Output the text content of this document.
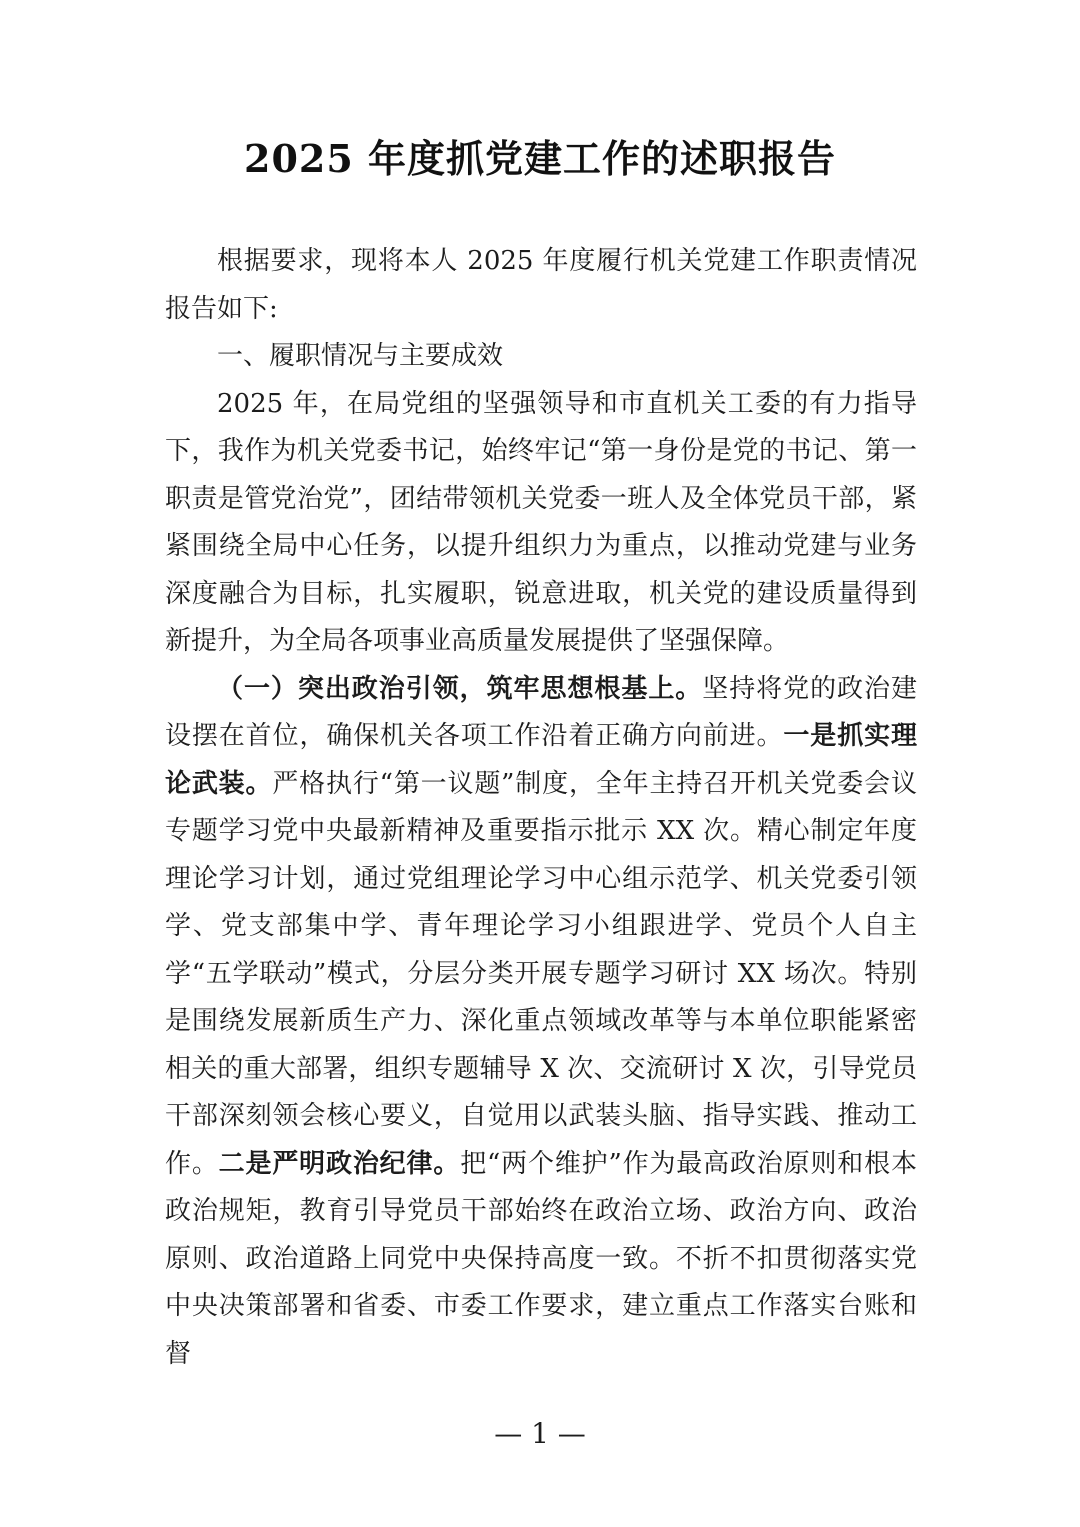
2025 年度抓党建工作的述职报告

根据要求，现将本人 2025 年度履行机关党建工作职责情况报告如下:

一、履职情况与主要成效

2025 年，在局党组的坚强领导和市直机关工委的有力指导下，我作为机关党委书记，始终牢记“第一身份是党的书记、第一职责是管党治党”，团结带领机关党委一班人及全体党员干部，紧紧围绕全局中心任务，以提升组织力为重点，以推动党建与业务深度融合为目标，扎实履职，锐意进取，机关党的建设质量得到新提升，为全局各项事业高质量发展提供了坚强保障。

（一）突出政治引领，筑牢思想根基上。坚持将党的政治建设摆在首位，确保机关各项工作沿着正确方向前进。一是抓实理论武装。严格执行“第一议题”制度，全年主持召开机关党委会议专题学习党中央最新精神及重要指示批示 XX 次。精心制定年度理论学习计划，通过党组理论学习中心组示范学、机关党委引领学、党支部集中学、青年理论学习小组跟进学、党员个人自主学“五学联动”模式，分层分类开展专题学习研讨 XX 场次。特别是围绕发展新质生产力、深化重点领域改革等与本单位职能紧密相关的重大部署，组织专题辅导 X 次、交流研讨 X 次，引导党员干部深刻领会核心要义，自觉用以武装头脑、指导实践、推动工作。二是严明政治纪律。把“两个维护”作为最高政治原则和根本政治规矩，教育引导党员干部始终在政治立场、政治方向、政治原则、政治道路上同党中央保持高度一致。不折不扣贯彻落实党中央决策部署和省委、市委工作要求，建立重点工作落实台账和督

— 1 —
